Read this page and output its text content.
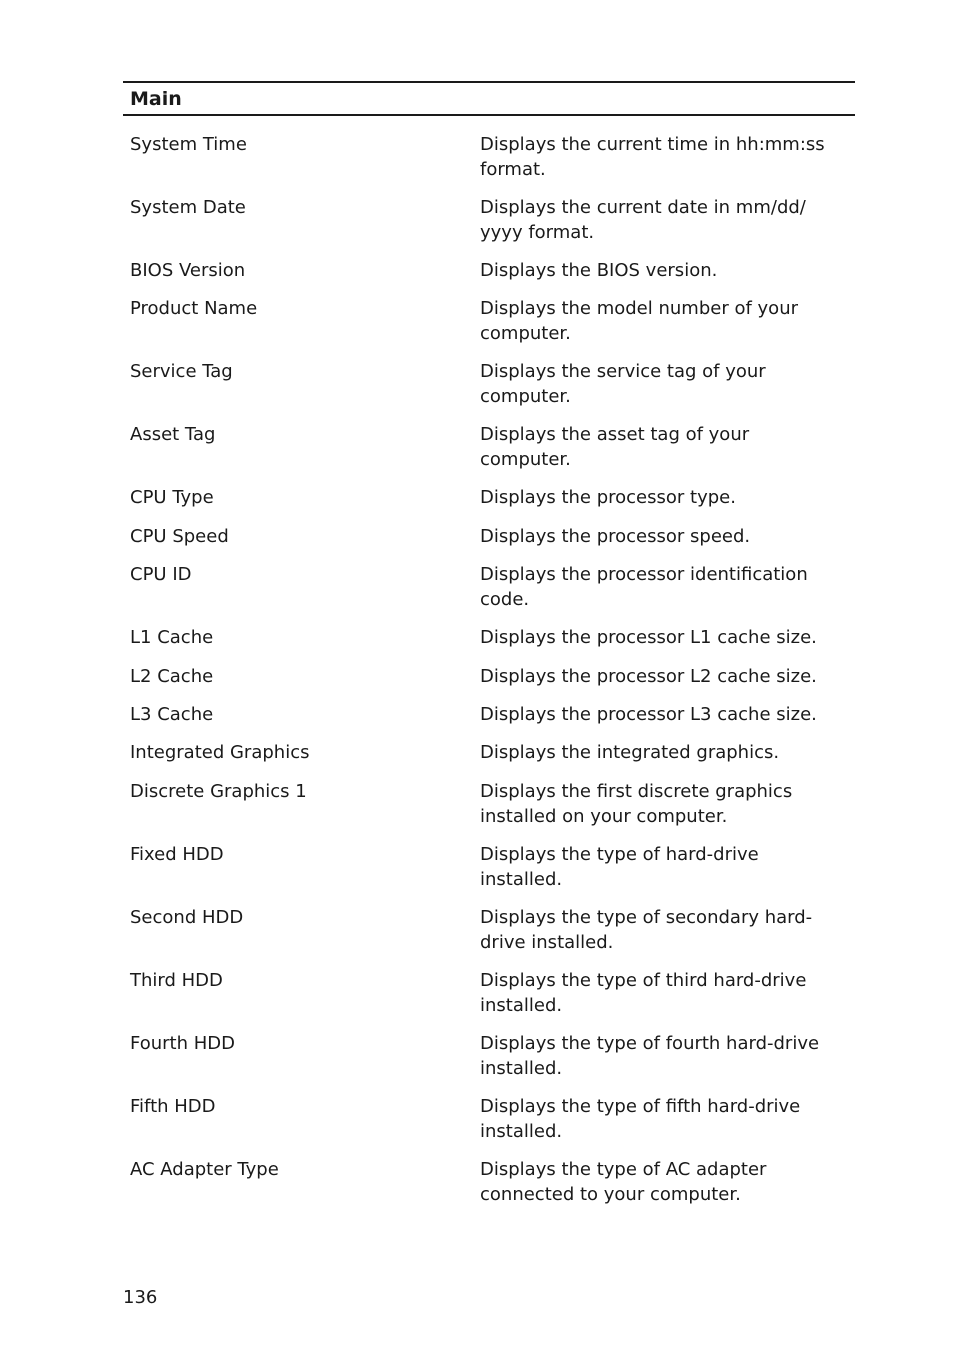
Main
System Time	Displays the current time in hh:mm:ss
format.
System Date	Displays the current date in mm/dd/
yyyy format.
BIOS Version	Displays the BIOS version.
Product Name	Displays the model number of your
computer.
Service Tag	Displays the service tag of your
computer.
Asset Tag	Displays the asset tag of your
computer.
CPU Type	Displays the processor type.
CPU Speed	Displays the processor speed.
CPU ID	Displays the processor identification
code.
L1 Cache	Displays the processor L1 cache size.
L2 Cache	Displays the processor L2 cache size.
L3 Cache	Displays the processor L3 cache size.
Integrated Graphics	Displays the integrated graphics.
Discrete Graphics 1	Displays the first discrete graphics
installed on your computer.
Fixed HDD	Displays the type of hard-drive
installed.
Second HDD	Displays the type of secondary hard-
drive installed.
Third HDD	Displays the type of third hard-drive
installed.
Fourth HDD	Displays the type of fourth hard-drive
installed.
Fifth HDD	Displays the type of fifth hard-drive
installed.
AC Adapter Type	Displays the type of AC adapter
connected to your computer.
136
